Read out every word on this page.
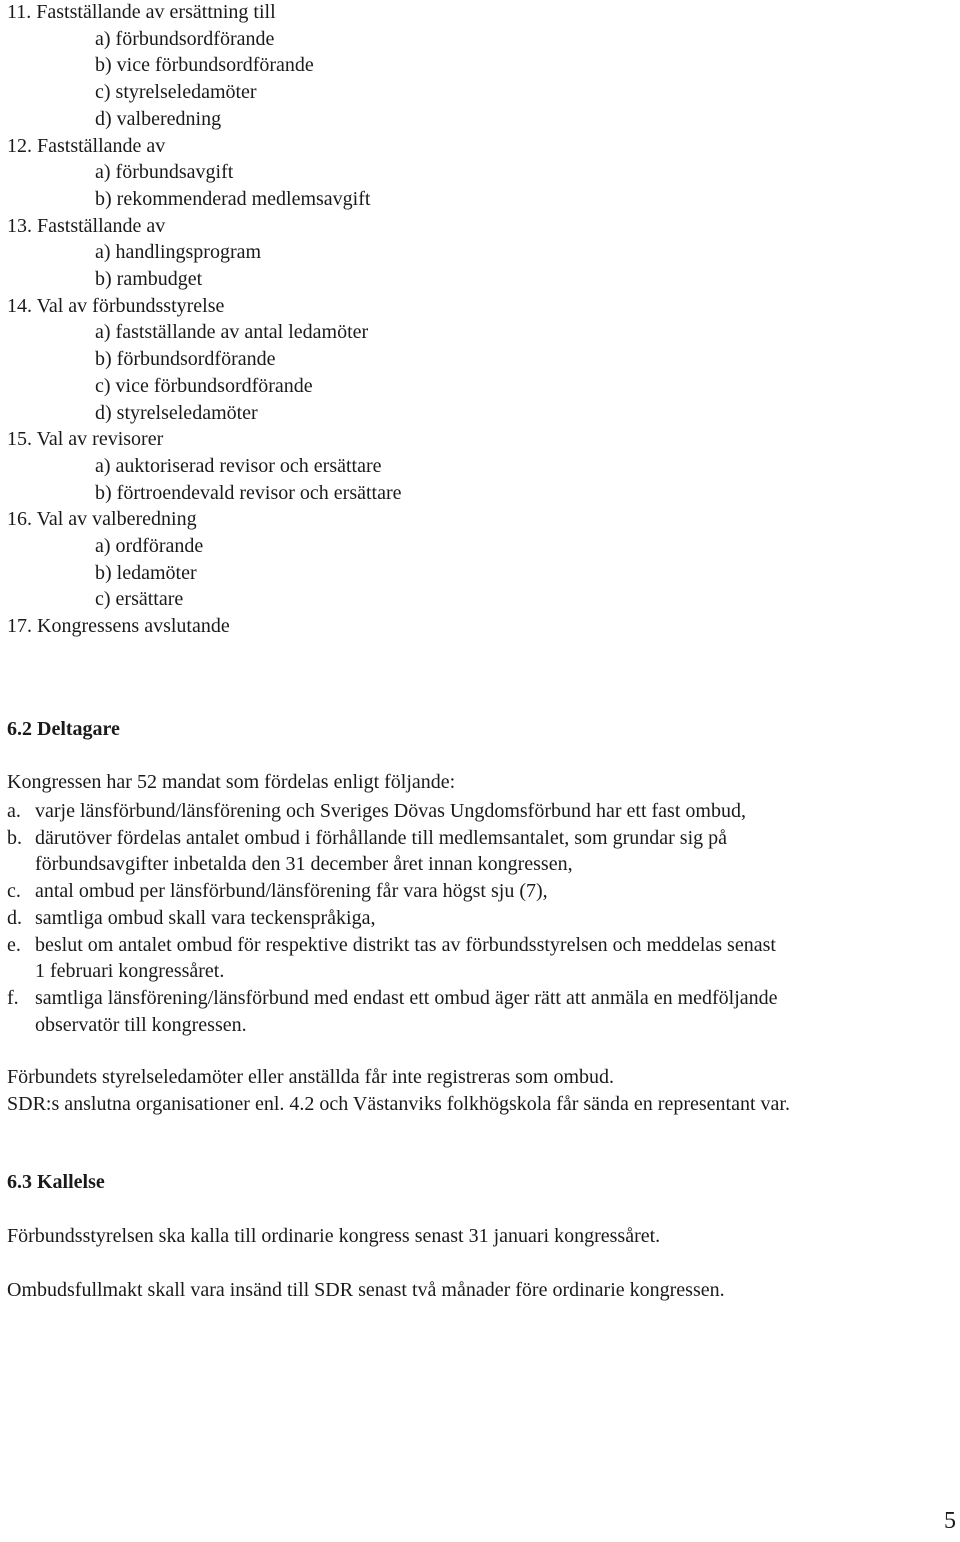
11. Fastställande av ersättning till
a) förbundsordförande
b) vice förbundsordförande
c) styrelseledamöter
d) valberedning
12. Fastställande av
a) förbundsavgift
b) rekommenderad medlemsavgift
13. Fastställande av
a) handlingsprogram
b) rambudget
14. Val av förbundsstyrelse
a) fastställande av antal ledamöter
b) förbundsordförande
c) vice förbundsordförande
d) styrelseledamöter
15. Val av revisorer
a) auktoriserad revisor och ersättare
b) förtroendevald revisor och ersättare
16. Val av valberedning
a) ordförande
b) ledamöter
c) ersättare
17. Kongressens avslutande
6.2 Deltagare
Kongressen har 52 mandat som fördelas enligt följande:
a. varje länsförbund/länsförening och Sveriges Dövas Ungdomsförbund har ett fast ombud,
b. därutöver fördelas antalet ombud i förhållande till medlemsantalet, som grundar sig på
förbundsavgifter inbetalda den 31 december året innan kongressen,
c. antal ombud per länsförbund/länsförening får vara högst sju (7),
d. samtliga ombud skall vara teckenspråkiga,
e. beslut om antalet ombud för respektive distrikt tas av förbundsstyrelsen och meddelas senast
1 februari kongressåret.
f. samtliga länsförening/länsförbund med endast ett ombud äger rätt att anmäla en medföljande
observatör till kongressen.
Förbundets styrelseledamöter eller anställda får inte registreras som ombud.
SDR:s anslutna organisationer enl. 4.2 och Västanviks folkhögskola får sända en representant var.
6.3 Kallelse
Förbundsstyrelsen ska kalla till ordinarie kongress senast 31 januari kongressåret.
Ombudsfullmakt skall vara insänd till SDR senast två månader före ordinarie kongressen.
5
